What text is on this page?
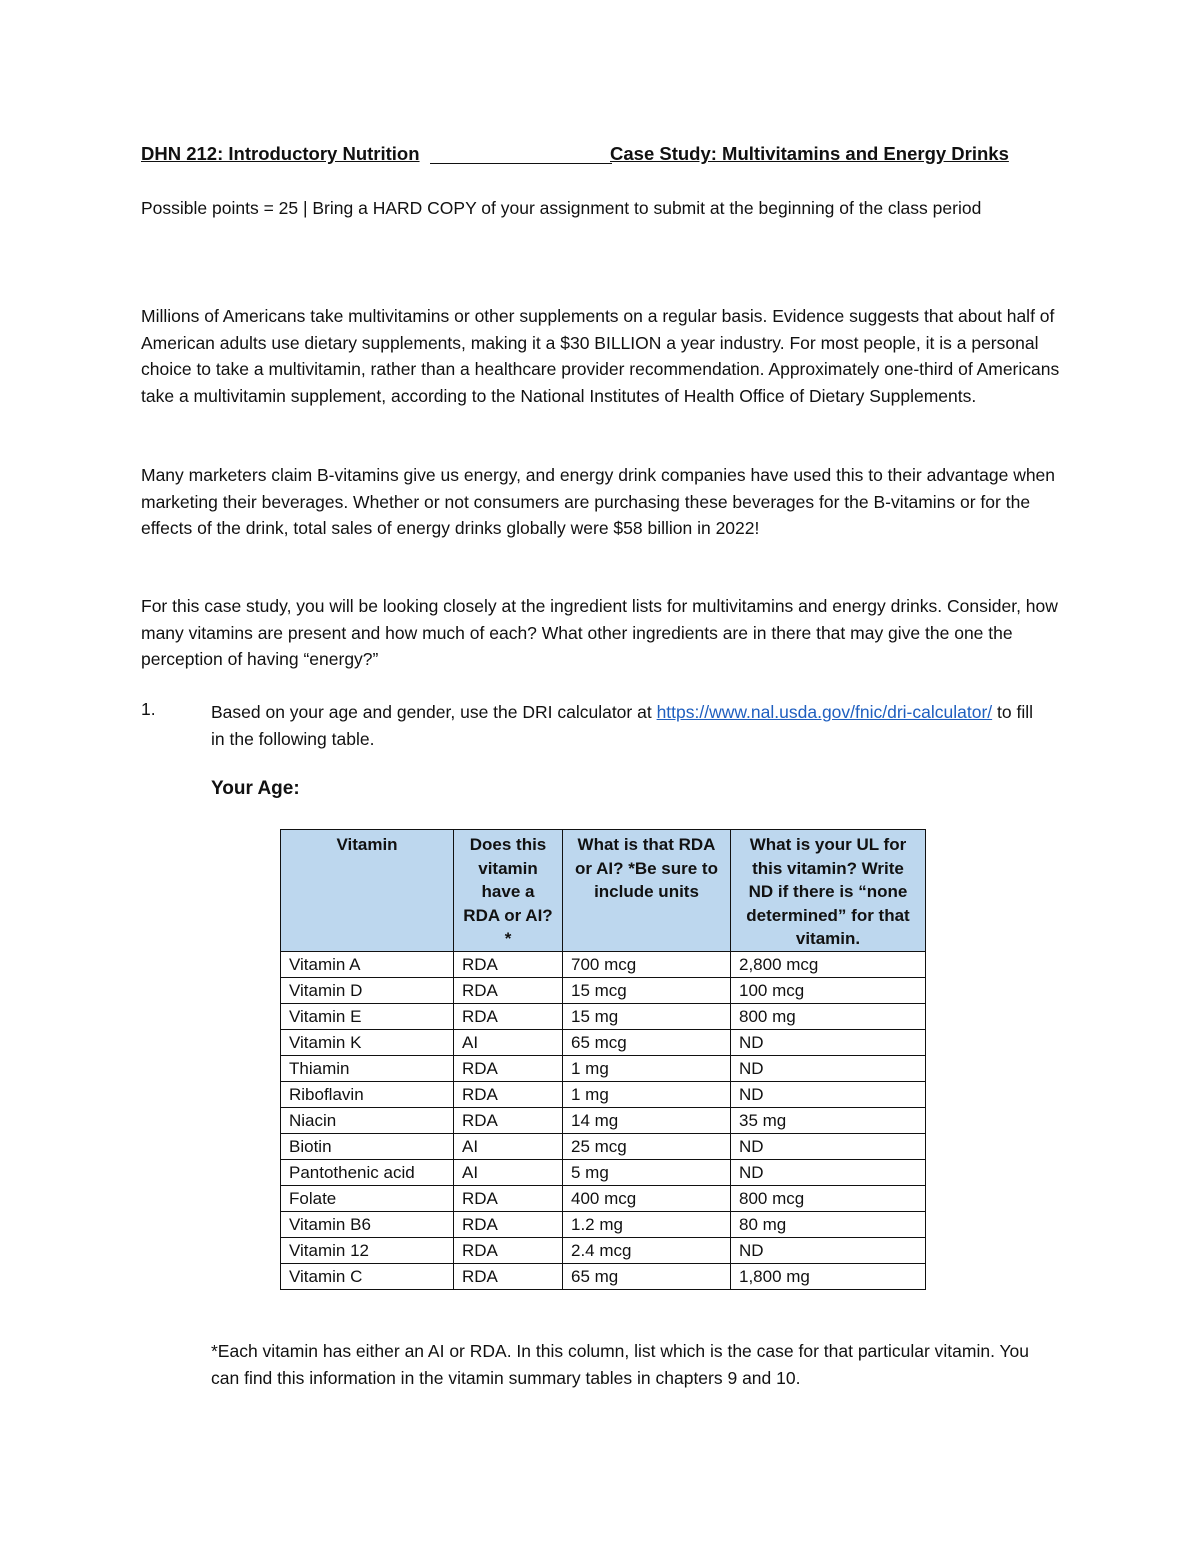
DHN 212: Introductory Nutrition	Case Study: Multivitamins and Energy Drinks

Possible points = 25 | Bring a HARD COPY of your assignment to submit at the beginning of the class period

Millions of Americans take multivitamins or other supplements on a regular basis. Evidence suggests that about half of American adults use dietary supplements, making it a $30 BILLION a year industry. For most people, it is a personal choice to take a multivitamin, rather than a healthcare provider recommendation. Approximately one-third of Americans take a multivitamin supplement, according to the National Institutes of Health Office of Dietary Supplements.

Many marketers claim B-vitamins give us energy, and energy drink companies have used this to their advantage when marketing their beverages. Whether or not consumers are purchasing these beverages for the B-vitamins or for the effects of the drink, total sales of energy drinks globally were $58 billion in 2022!

For this case study, you will be looking closely at the ingredient lists for multivitamins and energy drinks. Consider, how many vitamins are present and how much of each? What other ingredients are in there that may give the one the perception of having “energy?”

1.	Based on your age and gender, use the DRI calculator at https://www.nal.usda.gov/fnic/dri-calculator/ to fill in the following table.
Your Age:
Vitamin	Does this vitamin have a RDA or AI?*	What is that RDA or AI? *Be sure to include units	What is your UL for this vitamin? Write ND if there is “none determined” for that vitamin.
Vitamin A	RDA	700 mcg	2,800 mcg
Vitamin D	RDA	15 mcg	100 mcg
Vitamin E	RDA	15 mg	800 mg
Vitamin K	AI	65 mcg	ND
Thiamin	RDA	1 mg	ND
Riboflavin	RDA	1 mg	ND
Niacin	RDA	14 mg	35 mg
Biotin	AI	25 mcg	ND
Pantothenic acid	AI	5 mg	ND
Folate	RDA	400 mcg	800 mcg
Vitamin B6	RDA	1.2 mg	80 mg
Vitamin 12	RDA	2.4 mcg	ND
Vitamin C	RDA	65 mg	1,800 mg
*Each vitamin has either an AI or RDA. In this column, list which is the case for that particular vitamin. You can find this information in the vitamin summary tables in chapters 9 and 10.
